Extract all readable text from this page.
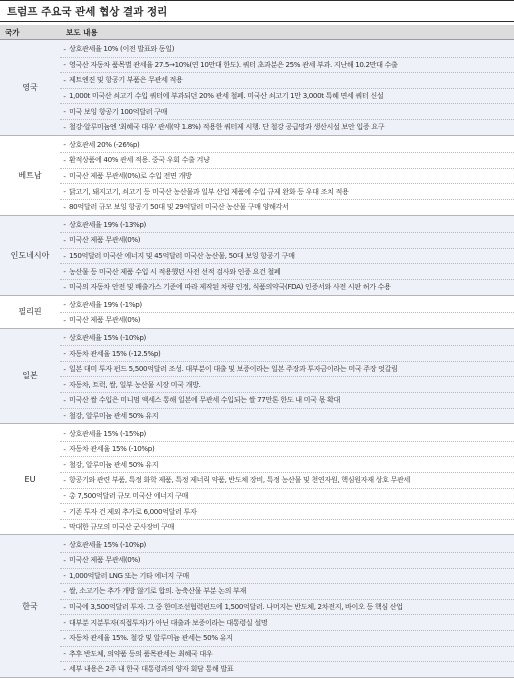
트럼프 주요국 관세 협상 결과 정리
국가	보도 내용
영국
- 상호관세율 10% (이전 발표와 동일)
- 영국산 자동차 품목별 관세율 27.5→10%(연 10만대 한도). 쿼터 초과분은 25% 관세 부과. 지난해 10.2만대 수출
- 제트엔진 및 항공기 부품은 무관세 적용
- 1,000t 미국산 쇠고기 수입 쿼터에 부과되던 20% 관세 철폐. 미국산 쇠고기 1만 3,000t 특혜 면세 쿼터 신설
- 미국 보잉 항공기 100억달러 구매
- 철강·알루미늄엔 '최혜국 대우' 관세(약 1.8%) 적용한 쿼터제 시행. 단 철강 공급망과 생산시설 보안 입증 요구
베트남
- 상호관세 20% (-26%p)
- 환적상품에 40% 관세 적용. 중국 우회 수출 겨냥
- 미국산 제품 무관세(0%)로 수입 전면 개방
- 닭고기, 돼지고기, 쇠고기 등 미국산 농산물과 일부 산업 제품에 수입 규제 완화 등 우대 조치 적용
- 80억달러 규모 보잉 항공기 50대 및 29억달러 미국산 농산물 구매 양해각서
인도네시아
- 상호관세율 19% (-13%p)
- 미국산 제품 무관세(0%)
- 150억달러 미국산 에너지 및 45억달러 미국산 농산물, 50대 보잉 항공기 구매
- 농산물 등 미국산 제품 수입 시 적용했던 사전 선적 검사와 인증 요건 철폐
- 미국의 자동차 안전 및 배출가스 기준에 따라 제작된 차량 인정, 식품의약국(FDA) 인증서와 사전 시판 허가 수용
필리핀
- 상호관세율 19% (-1%p)
- 미국산 제품 무관세(0%)
일본
- 상호관세율 15% (-10%p)
- 자동차 관세율 15% (-12.5%p)
- 일본 대미 투자 펀드 5,500억달러 조성. 대부분이 대출 및 보증이라는 일본 주장과 투자금이라는 미국 주장 엇갈림
- 자동차, 트럭, 쌀, 일부 농산물 시장 미국 개방.
- 미국산 쌀 수입은 미니멈 액세스 통해 일본에 무관세 수입되는 쌀 77만톤 한도 내 미국 몫 확대
- 철강, 알루미늄 관세 50% 유지
EU
- 상호관세율 15% (-15%p)
- 자동차 관세율 15% (-10%p)
- 철강, 알루미늄 관세 50% 유지
- 항공기와 관련 부품, 특정 화학 제품, 특정 제너릭 약품, 반도체 장비, 특정 농산물 및 천연자원, 핵심원자재 상호 무관세
- 총 7,500억달러 규모 미국산 에너지 구매
- 기존 투자 건 제외 추가로 6,000억달러 투자
- 막대한 규모의 미국산 군사장비 구매
한국
- 상호관세율 15% (-10%p)
- 미국산 제품 무관세(0%)
- 1,000억달러 LNG 또는 기타 에너지 구매
- 쌀, 소고기는 추가 개방 않기로 합의. 농축산물 부분 논의 부재
- 미국에 3,500억달러 투자. 그 중 한미조선협력펀드에 1,500억달러. 나머지는 반도체, 2차전지, 바이오 등 핵심 산업
- 대부분 지분투자(직접투자)가 아닌 대출과 보증이라는 대통령실 설명
- 자동차 관세율 15%. 철강 및 알루미늄 관세는 50% 유지
- 추후 반도체, 의약품 등의 품목관세는 최혜국 대우
- 세부 내용은 2주 내 한국 대통령과의 양자 회담 통해 발표
